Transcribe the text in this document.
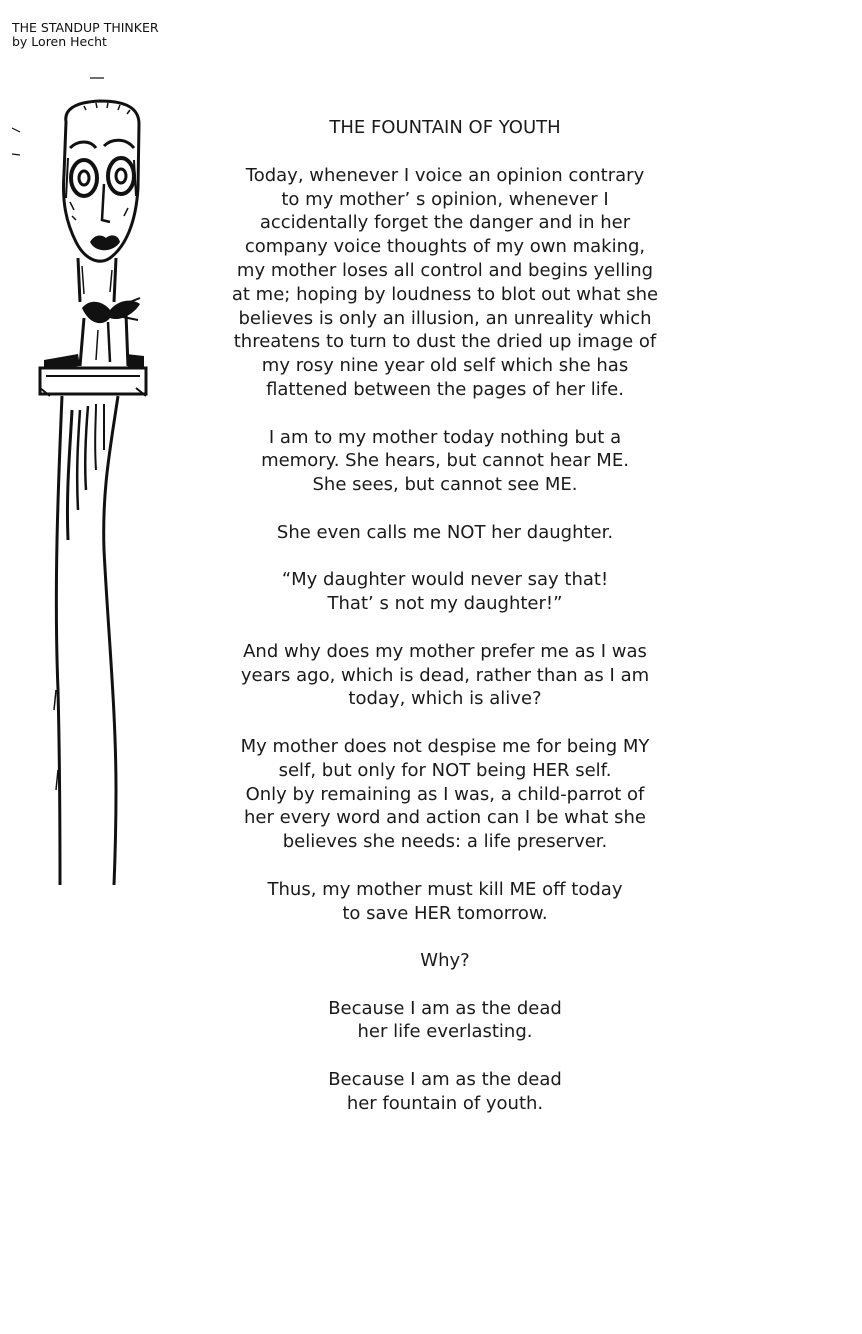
THE STANDUP THINKER
by Loren Hecht
THE FOUNTAIN OF YOUTH
Today, whenever I voice an opinion contrary
to my mother’ s opinion, whenever I
accidentally forget the danger and in her
company voice thoughts of my own making,
my mother loses all control and begins yelling
at me; hoping by loudness to blot out what she
believes is only an illusion, an unreality which
threatens to turn to dust the dried up image of
my rosy nine year old self which she has
flattened between the pages of her life.
I am to my mother today nothing but a
memory. She hears, but cannot hear ME.
She sees, but cannot see ME.
She even calls me NOT her daughter.
“My daughter would never say that!
That’ s not my daughter!”
And why does my mother prefer me as I was
years ago, which is dead, rather than as I am
today, which is alive?
My mother does not despise me for being MY
self, but only for NOT being HER self.
Only by remaining as I was, a child-parrot of
her every word and action can I be what she
believes she needs: a life preserver.
Thus, my mother must kill ME off today
to save HER tomorrow.
Why?
Because I am as the dead
her life everlasting.
Because I am as the dead
her fountain of youth.
